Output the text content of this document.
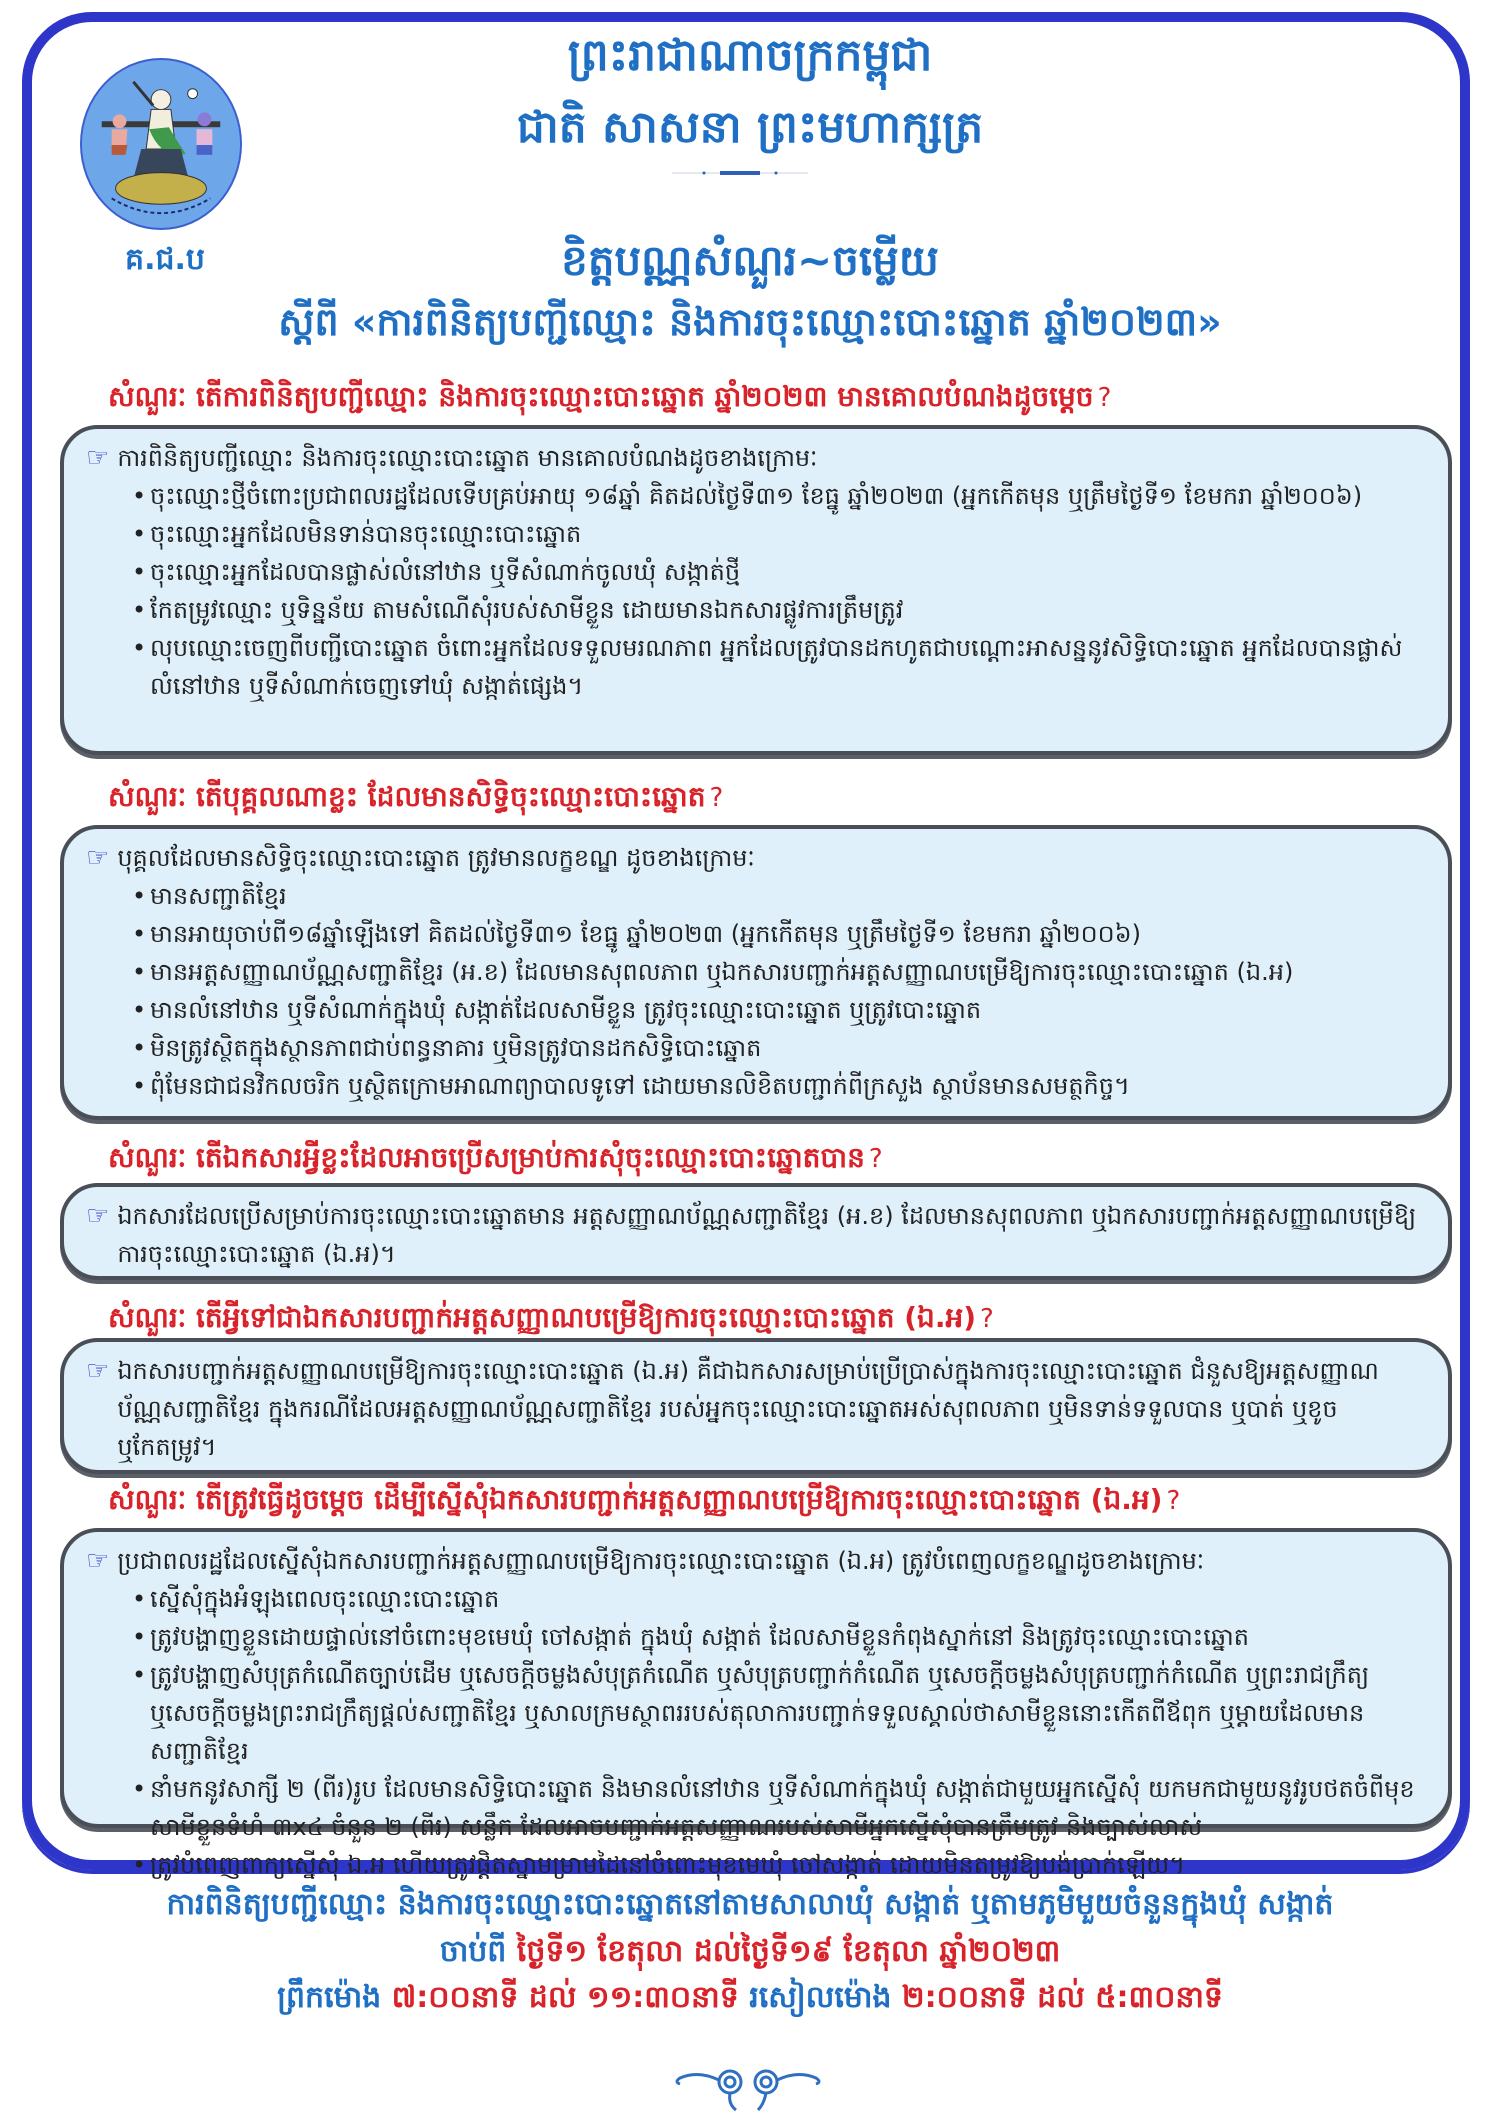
គ.ជ.ប
ព្រះរាជាណាចក្រកម្ពុជា
ជាតិ សាសនា ព្រះមហាក្សត្រ
ខិត្តបណ្ណសំណួរ~ចម្លើយ
ស្តីពី «ការពិនិត្យបញ្ជីឈ្មោះ និងការចុះឈ្មោះបោះឆ្នោត ឆ្នាំ២០២៣»
សំណួរៈ តើការពិនិត្យបញ្ជីឈ្មោះ និងការចុះឈ្មោះបោះឆ្នោត ឆ្នាំ២០២៣ មានគោលបំណងដូចម្តេច ?
☞ ការពិនិត្យបញ្ជីឈ្មោះ និងការចុះឈ្មោះបោះឆ្នោត មានគោលបំណងដូចខាងក្រោមៈ
• ចុះឈ្មោះថ្មីចំពោះប្រជាពលរដ្ឋដែលទើបគ្រប់អាយុ ១៨ឆ្នាំ គិតដល់ថ្ងៃទី៣១ ខែធ្នូ ឆ្នាំ២០២៣ (អ្នកកើតមុន ឬត្រឹមថ្ងៃទី១ ខែមករា ឆ្នាំ២០០៦)
• ចុះឈ្មោះអ្នកដែលមិនទាន់បានចុះឈ្មោះបោះឆ្នោត
• ចុះឈ្មោះអ្នកដែលបានផ្លាស់លំនៅឋាន ឬទីសំណាក់ចូលឃុំ សង្កាត់ថ្មី
• កែតម្រូវឈ្មោះ ឬទិន្នន័យ តាមសំណើសុំរបស់សាមីខ្លួន ដោយមានឯកសារផ្លូវការត្រឹមត្រូវ
• លុបឈ្មោះចេញពីបញ្ជីបោះឆ្នោត ចំពោះអ្នកដែលទទួលមរណភាព អ្នកដែលត្រូវបានដកហូតជាបណ្តោះអាសន្ននូវសិទ្ធិបោះឆ្នោត អ្នកដែលបានផ្លាស់លំនៅឋាន ឬទីសំណាក់ចេញទៅឃុំ សង្កាត់ផ្សេង។
សំណួរៈ តើបុគ្គលណាខ្លះ ដែលមានសិទ្ធិចុះឈ្មោះបោះឆ្នោត ?
☞ បុគ្គលដែលមានសិទ្ធិចុះឈ្មោះបោះឆ្នោត ត្រូវមានលក្ខខណ្ឌ ដូចខាងក្រោមៈ
• មានសញ្ជាតិខ្មែរ
• មានអាយុចាប់ពី១៨ឆ្នាំឡើងទៅ គិតដល់ថ្ងៃទី៣១ ខែធ្នូ ឆ្នាំ២០២៣ (អ្នកកើតមុន ឬត្រឹមថ្ងៃទី១ ខែមករា ឆ្នាំ២០០៦)
• មានអត្តសញ្ញាណប័ណ្ណសញ្ជាតិខ្មែរ (អ.ខ) ដែលមានសុពលភាព ឬឯកសារបញ្ជាក់អត្តសញ្ញាណបម្រើឱ្យការចុះឈ្មោះបោះឆ្នោត (ឯ.អ)
• មានលំនៅឋាន ឬទីសំណាក់ក្នុងឃុំ សង្កាត់ដែលសាមីខ្លួន ត្រូវចុះឈ្មោះបោះឆ្នោត ឬត្រូវបោះឆ្នោត
• មិនត្រូវស្ថិតក្នុងស្ថានភាពជាប់ពន្ធនាគារ ឬមិនត្រូវបានដកសិទ្ធិបោះឆ្នោត
• ពុំមែនជាជនវិកលចរិក ឬស្ថិតក្រោមអាណាព្យាបាលទូទៅ ដោយមានលិខិតបញ្ជាក់ពីក្រសួង ស្ថាប័នមានសមត្ថកិច្ច។
សំណួរៈ តើឯកសារអ្វីខ្លះដែលអាចប្រើសម្រាប់ការសុំចុះឈ្មោះបោះឆ្នោតបាន ?
☞ ឯកសារដែលប្រើសម្រាប់ការចុះឈ្មោះបោះឆ្នោតមាន អត្តសញ្ញាណប័ណ្ណសញ្ជាតិខ្មែរ (អ.ខ) ដែលមានសុពលភាព ឬឯកសារបញ្ជាក់អត្តសញ្ញាណបម្រើឱ្យការចុះឈ្មោះបោះឆ្នោត (ឯ.អ)។
សំណួរៈ តើអ្វីទៅជាឯកសារបញ្ជាក់អត្តសញ្ញាណបម្រើឱ្យការចុះឈ្មោះបោះឆ្នោត (ឯ.អ) ?
☞ ឯកសារបញ្ជាក់អត្តសញ្ញាណបម្រើឱ្យការចុះឈ្មោះបោះឆ្នោត (ឯ.អ) គឺជាឯកសារសម្រាប់ប្រើប្រាស់ក្នុងការចុះឈ្មោះបោះឆ្នោត ជំនួសឱ្យអត្តសញ្ញាណប័ណ្ណសញ្ជាតិខ្មែរ ក្នុងករណីដែលអត្តសញ្ញាណប័ណ្ណសញ្ជាតិខ្មែរ របស់អ្នកចុះឈ្មោះបោះឆ្នោតអស់សុពលភាព ឬមិនទាន់ទទួលបាន ឬបាត់ ឬខូច ឬកែតម្រូវ។
សំណួរៈ តើត្រូវធ្វើដូចម្តេច ដើម្បីស្នើសុំឯកសារបញ្ជាក់អត្តសញ្ញាណបម្រើឱ្យការចុះឈ្មោះបោះឆ្នោត (ឯ.អ) ?
☞ ប្រជាពលរដ្ឋដែលស្នើសុំឯកសារបញ្ជាក់អត្តសញ្ញាណបម្រើឱ្យការចុះឈ្មោះបោះឆ្នោត (ឯ.អ) ត្រូវបំពេញលក្ខខណ្ឌដូចខាងក្រោមៈ
• ស្នើសុំក្នុងអំឡុងពេលចុះឈ្មោះបោះឆ្នោត
• ត្រូវបង្ហាញខ្លួនដោយផ្ទាល់នៅចំពោះមុខមេឃុំ ចៅសង្កាត់ ក្នុងឃុំ សង្កាត់ ដែលសាមីខ្លួនកំពុងស្នាក់នៅ និងត្រូវចុះឈ្មោះបោះឆ្នោត
• ត្រូវបង្ហាញសំបុត្រកំណើតច្បាប់ដើម ឬសេចក្តីចម្លងសំបុត្រកំណើត ឬសំបុត្របញ្ជាក់កំណើត ឬសេចក្តីចម្លងសំបុត្របញ្ជាក់កំណើត ឬព្រះរាជក្រឹត្យ ឬសេចក្តីចម្លងព្រះរាជក្រឹត្យផ្តល់សញ្ជាតិខ្មែរ ឬសាលក្រមស្ថាពររបស់តុលាការបញ្ជាក់ទទួលស្គាល់ថាសាមីខ្លួននោះកើតពីឪពុក ឬម្តាយដែលមានសញ្ជាតិខ្មែរ
• នាំមកនូវសាក្សី ២ (ពីរ)រូប ដែលមានសិទ្ធិបោះឆ្នោត និងមានលំនៅឋាន ឬទីសំណាក់ក្នុងឃុំ សង្កាត់ជាមួយអ្នកស្នើសុំ យកមកជាមួយនូវរូបថតចំពីមុខសាមីខ្លួនទំហំ ៣x៤ ចំនួន ២ (ពីរ) សន្លឹក ដែលអាចបញ្ជាក់អត្តសញ្ញាណរបស់សាមីអ្នកស្នើសុំបានត្រឹមត្រូវ និងច្បាស់លាស់
• ត្រូវបំពេញពាក្យស្នើសុំ ឯ.អ ហើយត្រូវផ្តិតស្នាមម្រាមដៃនៅចំពោះមុខមេឃុំ ចៅសង្កាត់ ដោយមិនតម្រូវឱ្យបង់ប្រាក់ឡើយ។
ការពិនិត្យបញ្ជីឈ្មោះ និងការចុះឈ្មោះបោះឆ្នោតនៅតាមសាលាឃុំ សង្កាត់ ឬតាមភូមិមួយចំនួនក្នុងឃុំ សង្កាត់
ចាប់ពី ថ្ងៃទី១ ខែតុលា ដល់ថ្ងៃទី១៩ ខែតុលា ឆ្នាំ២០២៣
ព្រឹកម៉ោង ៧:០០នាទី ដល់ ១១:៣០នាទី រសៀលម៉ោង ២:០០នាទី ដល់ ៥:៣០នាទី
